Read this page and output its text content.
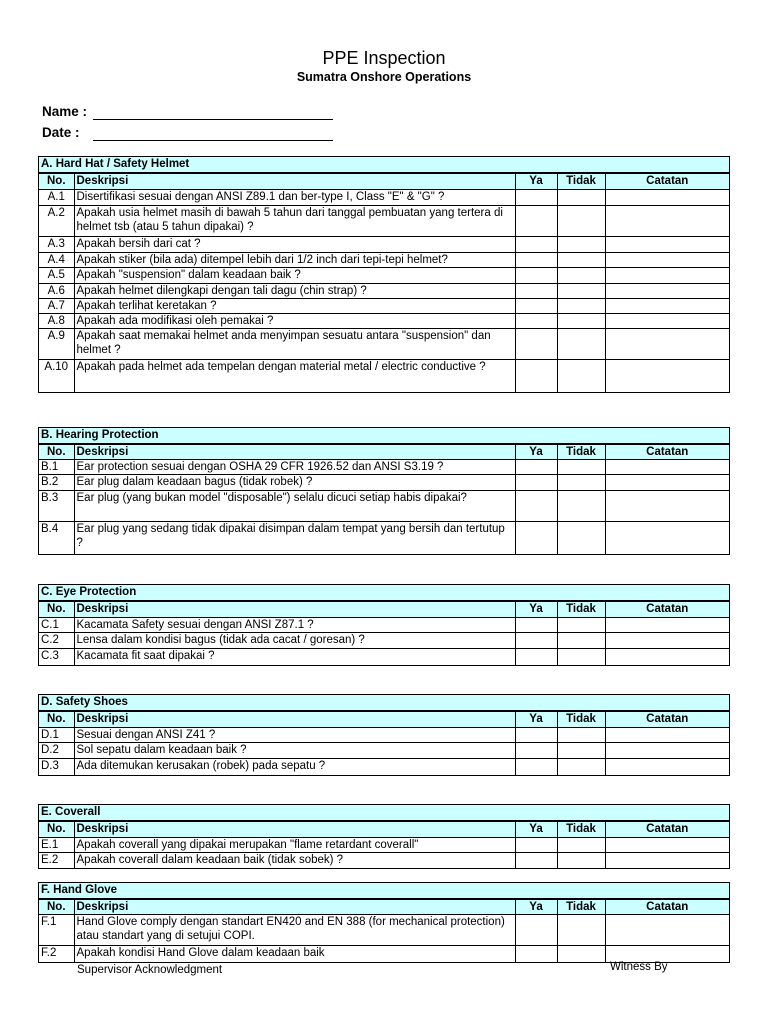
PPE Inspection
Sumatra Onshore Operations
Name :
Date :
A. Hard Hat / Safety Helmet
No.	Deskripsi	Ya	Tidak	Catatan
A.1	Disertifikasi sesuai dengan ANSI Z89.1 dan ber-type I, Class "E" & "G" ?			
A.2	Apakah usia helmet masih di bawah 5 tahun dari tanggal pembuatan yang tertera di helmet tsb (atau 5 tahun dipakai) ?			
A.3	Apakah bersih dari cat ?			
A.4	Apakah stiker (bila ada) ditempel lebih dari 1/2 inch dari tepi-tepi helmet?			
A.5	Apakah "suspension" dalam keadaan baik ?			
A.6	Apakah helmet dilengkapi dengan tali dagu (chin strap) ?			
A.7	Apakah terlihat keretakan ?			
A.8	Apakah ada modifikasi oleh pemakai ?			
A.9	Apakah saat memakai helmet anda menyimpan sesuatu antara "suspension" dan helmet ?			
A.10	Apakah pada helmet ada tempelan dengan material metal / electric conductive ?			
B. Hearing Protection
No.	Deskripsi	Ya	Tidak	Catatan
B.1	Ear protection sesuai dengan OSHA 29 CFR 1926.52 dan ANSI S3.19 ?			
B.2	Ear plug dalam keadaan bagus (tidak robek) ?			
B.3	Ear plug (yang bukan model "disposable") selalu dicuci setiap habis dipakai?			
B.4	Ear plug yang sedang tidak dipakai disimpan dalam tempat yang bersih dan tertutup ?			
C. Eye Protection
No.	Deskripsi	Ya	Tidak	Catatan
C.1	Kacamata Safety sesuai dengan ANSI Z87.1 ?			
C.2	Lensa dalam kondisi bagus (tidak ada cacat / goresan) ?			
C.3	Kacamata fit saat dipakai ?			
D. Safety Shoes
No.	Deskripsi	Ya	Tidak	Catatan
D.1	Sesuai dengan ANSI Z41 ?			
D.2	Sol sepatu dalam keadaan baik ?			
D.3	Ada ditemukan kerusakan (robek) pada sepatu ?			
E. Coverall
No.	Deskripsi	Ya	Tidak	Catatan
E.1	Apakah coverall yang dipakai merupakan "flame retardant coverall"			
E.2	Apakah coverall dalam keadaan baik (tidak sobek) ?			
F. Hand Glove
No.	Deskripsi	Ya	Tidak	Catatan
F.1	Hand Glove comply dengan standart EN420 and EN 388 (for mechanical protection) atau standart yang di setujui COPI.			
F.2	Apakah kondisi Hand Glove dalam keadaan baik			
Supervisor Acknowledgment	Witness By
